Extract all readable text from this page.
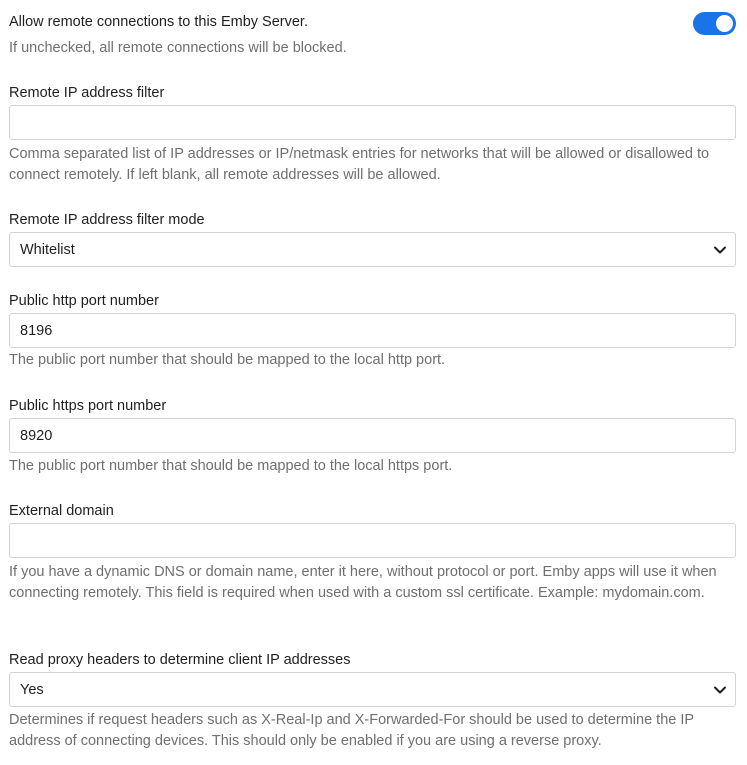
Allow remote connections to this Emby Server.
If unchecked, all remote connections will be blocked.
Remote IP address filter
Comma separated list of IP addresses or IP/netmask entries for networks that will be allowed or disallowed to connect remotely. If left blank, all remote addresses will be allowed.
Remote IP address filter mode
Whitelist
Public http port number
8196
The public port number that should be mapped to the local http port.
Public https port number
8920
The public port number that should be mapped to the local https port.
External domain
If you have a dynamic DNS or domain name, enter it here, without protocol or port. Emby apps will use it when connecting remotely. This field is required when used with a custom ssl certificate. Example: mydomain.com.
Read proxy headers to determine client IP addresses
Yes
Determines if request headers such as X-Real-Ip and X-Forwarded-For should be used to determine the IP address of connecting devices. This should only be enabled if you are using a reverse proxy.
